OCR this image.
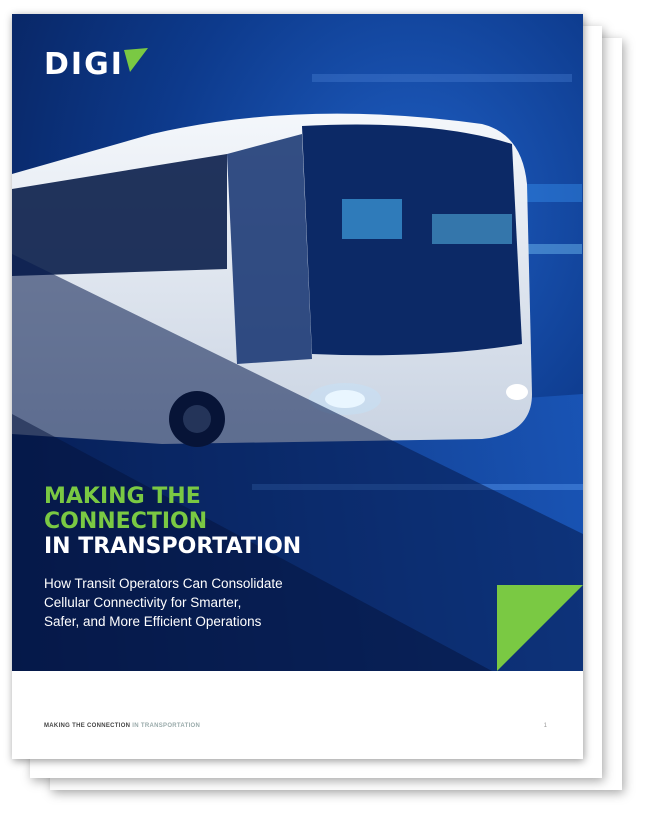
DIGI
MAKING THE
CONNECTION
IN TRANSPORTATION
How Transit Operators Can Consolidate
Cellular Connectivity for Smarter,
Safer, and More Efficient Operations
MAKING THE CONNECTION IN TRANSPORTATION	1
